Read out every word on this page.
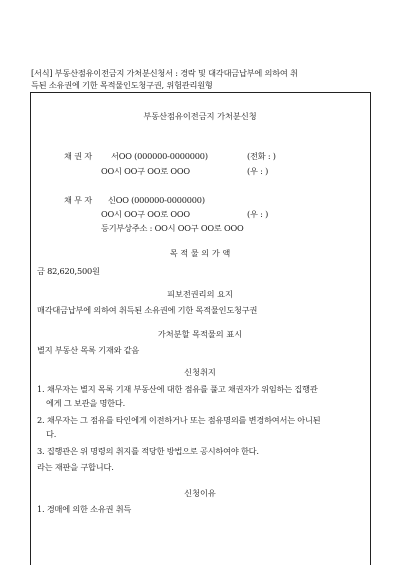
[서식] 부동산점유이전금지 가처분신청서 : 경락 및 대각대금납부에 의하여 취
득된 소유권에 기한 목적물인도청구권, 위험관리원형
부동산점유이전금지 가처분신청
채 권 자 서OO (000000-0000000)	(전화 : )
OO시 OO구 OO로 OOO	(우 : )
채 무 자 신OO (000000-0000000)
OO시 OO구 OO로 OOO	(우 : )
등기부상주소 : OO시 OO구 OO로 OOO
목 적 물 의 가 액
금 82,620,500원
피보전권리의 요지
매각대금납부에 의하여 취득된 소유권에 기한 목적물인도청구권
가처분할 목적물의 표시
별지 부동산 목록 기재와 같음
신청취지
1. 채무자는 별지 목록 기재 부동산에 대한 점유를 풀고 채권자가 위임하는 집행관
에게 그 보관을 명한다.
2. 채무자는 그 점유를 타인에게 이전하거나 또는 점유명의를 변경하여서는 아니된
다.
3. 집행관은 위 명령의 취지를 적당한 방법으로 공시하여야 한다.
라는 재판을 구합니다.
신청이유
1. 경매에 의한 소유권 취득
